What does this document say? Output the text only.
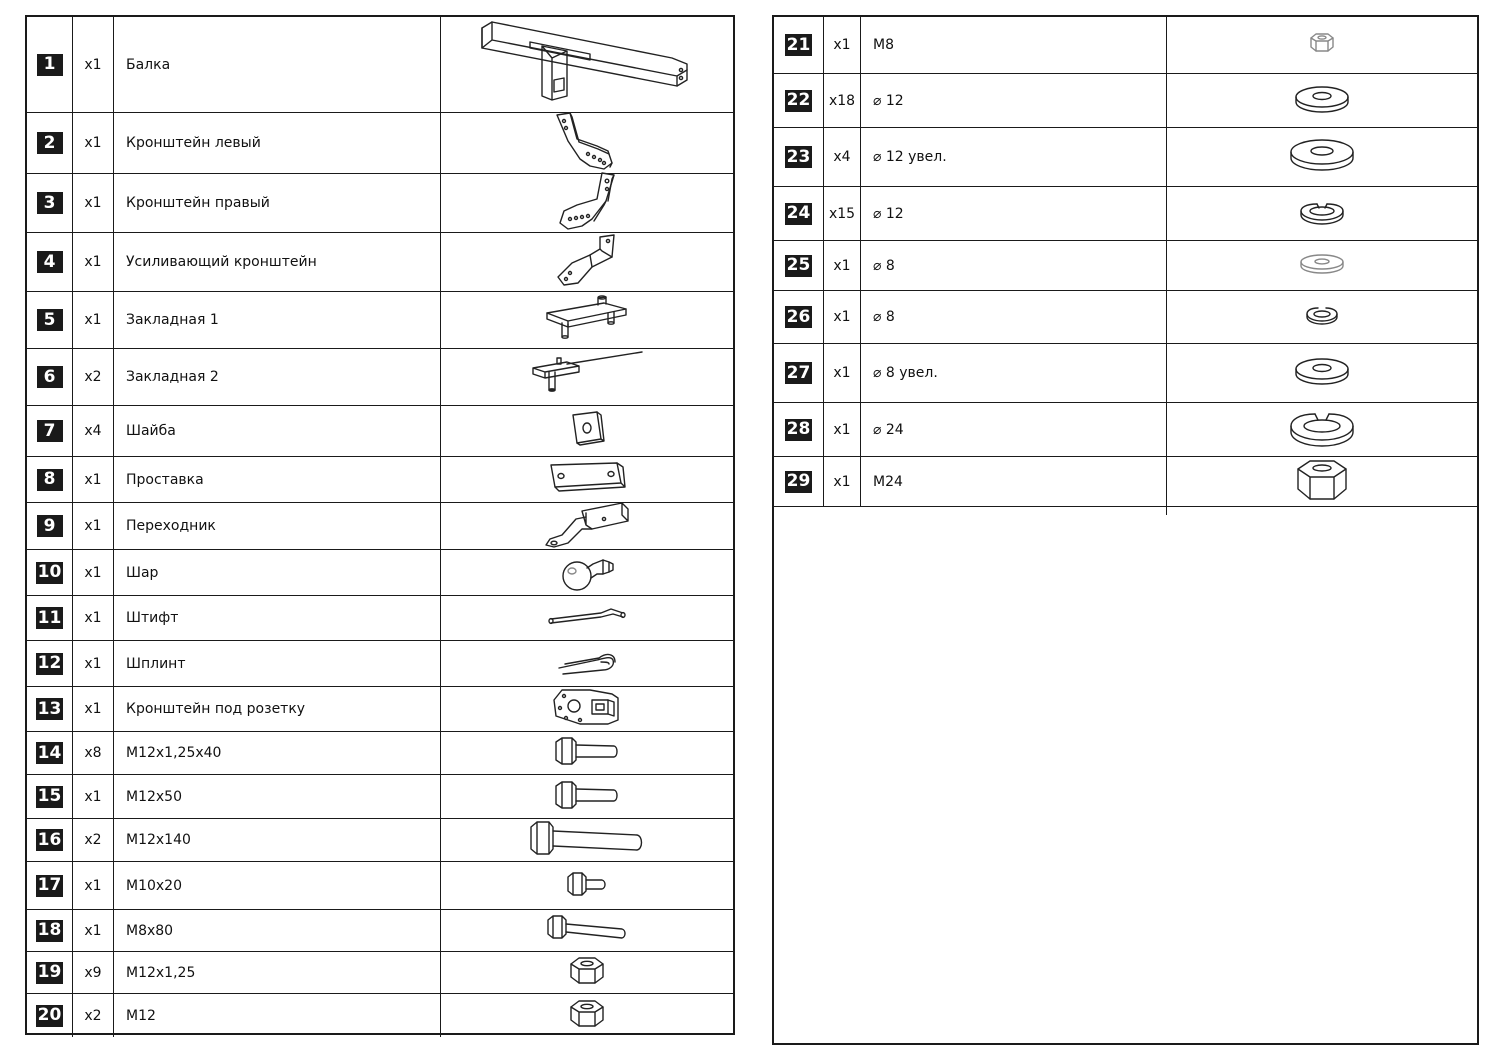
1	x1	Балка
2	x1	Кронштейн левый
3	x1	Кронштейн правый
4	x1	Усиливающий кронштейн
5	x1	Закладная 1
6	x2	Закладная 2
7	x4	Шайба
8	x1	Проставка
9	x1	Переходник
10	x1	Шар
11	x1	Штифт
12	x1	Шплинт
13	x1	Кронштейн под розетку
14	x8	M12x1,25x40
15	x1	M12x50
16	x2	M12x140
17	x1	M10x20
18	x1	M8x80
19	x9	M12x1,25
20	x2	M12
21	x1	M8
22	x18	⌀ 12
23	x4	⌀ 12 увел.
24	x15	⌀ 12
25	x1	⌀ 8
26	x1	⌀ 8
27	x1	⌀ 8 увел.
28	x1	⌀ 24
29	x1	M24
